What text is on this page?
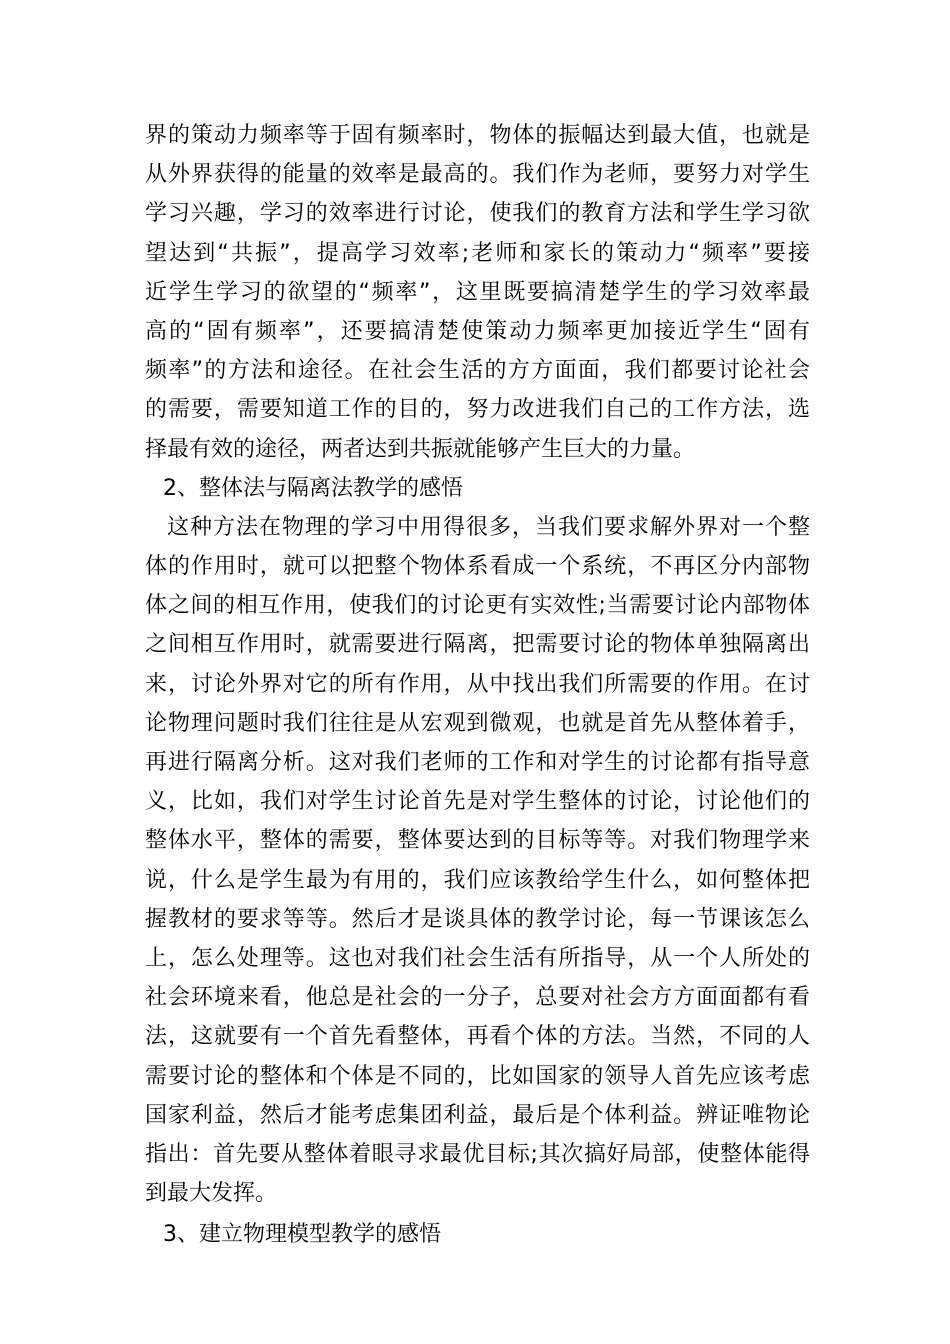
界的策动力频率等于固有频率时，物体的振幅达到最大值，也就是
从外界获得的能量的效率是最高的。我们作为老师，要努力对学生
学习兴趣，学习的效率进行讨论，使我们的教育方法和学生学习欲
望达到“共振”，提高学习效率;老师和家长的策动力“频率”要接
近学生学习的欲望的“频率”，这里既要搞清楚学生的学习效率最
高的“固有频率”，还要搞清楚使策动力频率更加接近学生“固有
频率”的方法和途径。在社会生活的方方面面，我们都要讨论社会
的需要，需要知道工作的目的，努力改进我们自己的工作方法，选
择最有效的途径，两者达到共振就能够产生巨大的力量。
2、整体法与隔离法教学的感悟
这种方法在物理的学习中用得很多，当我们要求解外界对一个整
体的作用时，就可以把整个物体系看成一个系统，不再区分内部物
体之间的相互作用，使我们的讨论更有实效性;当需要讨论内部物体
之间相互作用时，就需要进行隔离，把需要讨论的物体单独隔离出
来，讨论外界对它的所有作用，从中找出我们所需要的作用。在讨
论物理问题时我们往往是从宏观到微观，也就是首先从整体着手，
再进行隔离分析。这对我们老师的工作和对学生的讨论都有指导意
义，比如，我们对学生讨论首先是对学生整体的讨论，讨论他们的
整体水平，整体的需要，整体要达到的目标等等。对我们物理学来
说，什么是学生最为有用的，我们应该教给学生什么，如何整体把
握教材的要求等等。然后才是谈具体的教学讨论，每一节课该怎么
上，怎么处理等。这也对我们社会生活有所指导，从一个人所处的
社会环境来看，他总是社会的一分子，总要对社会方方面面都有看
法，这就要有一个首先看整体，再看个体的方法。当然，不同的人
需要讨论的整体和个体是不同的，比如国家的领导人首先应该考虑
国家利益，然后才能考虑集团利益，最后是个体利益。辨证唯物论
指出：首先要从整体着眼寻求最优目标;其次搞好局部，使整体能得
到最大发挥。
3、建立物理模型教学的感悟
